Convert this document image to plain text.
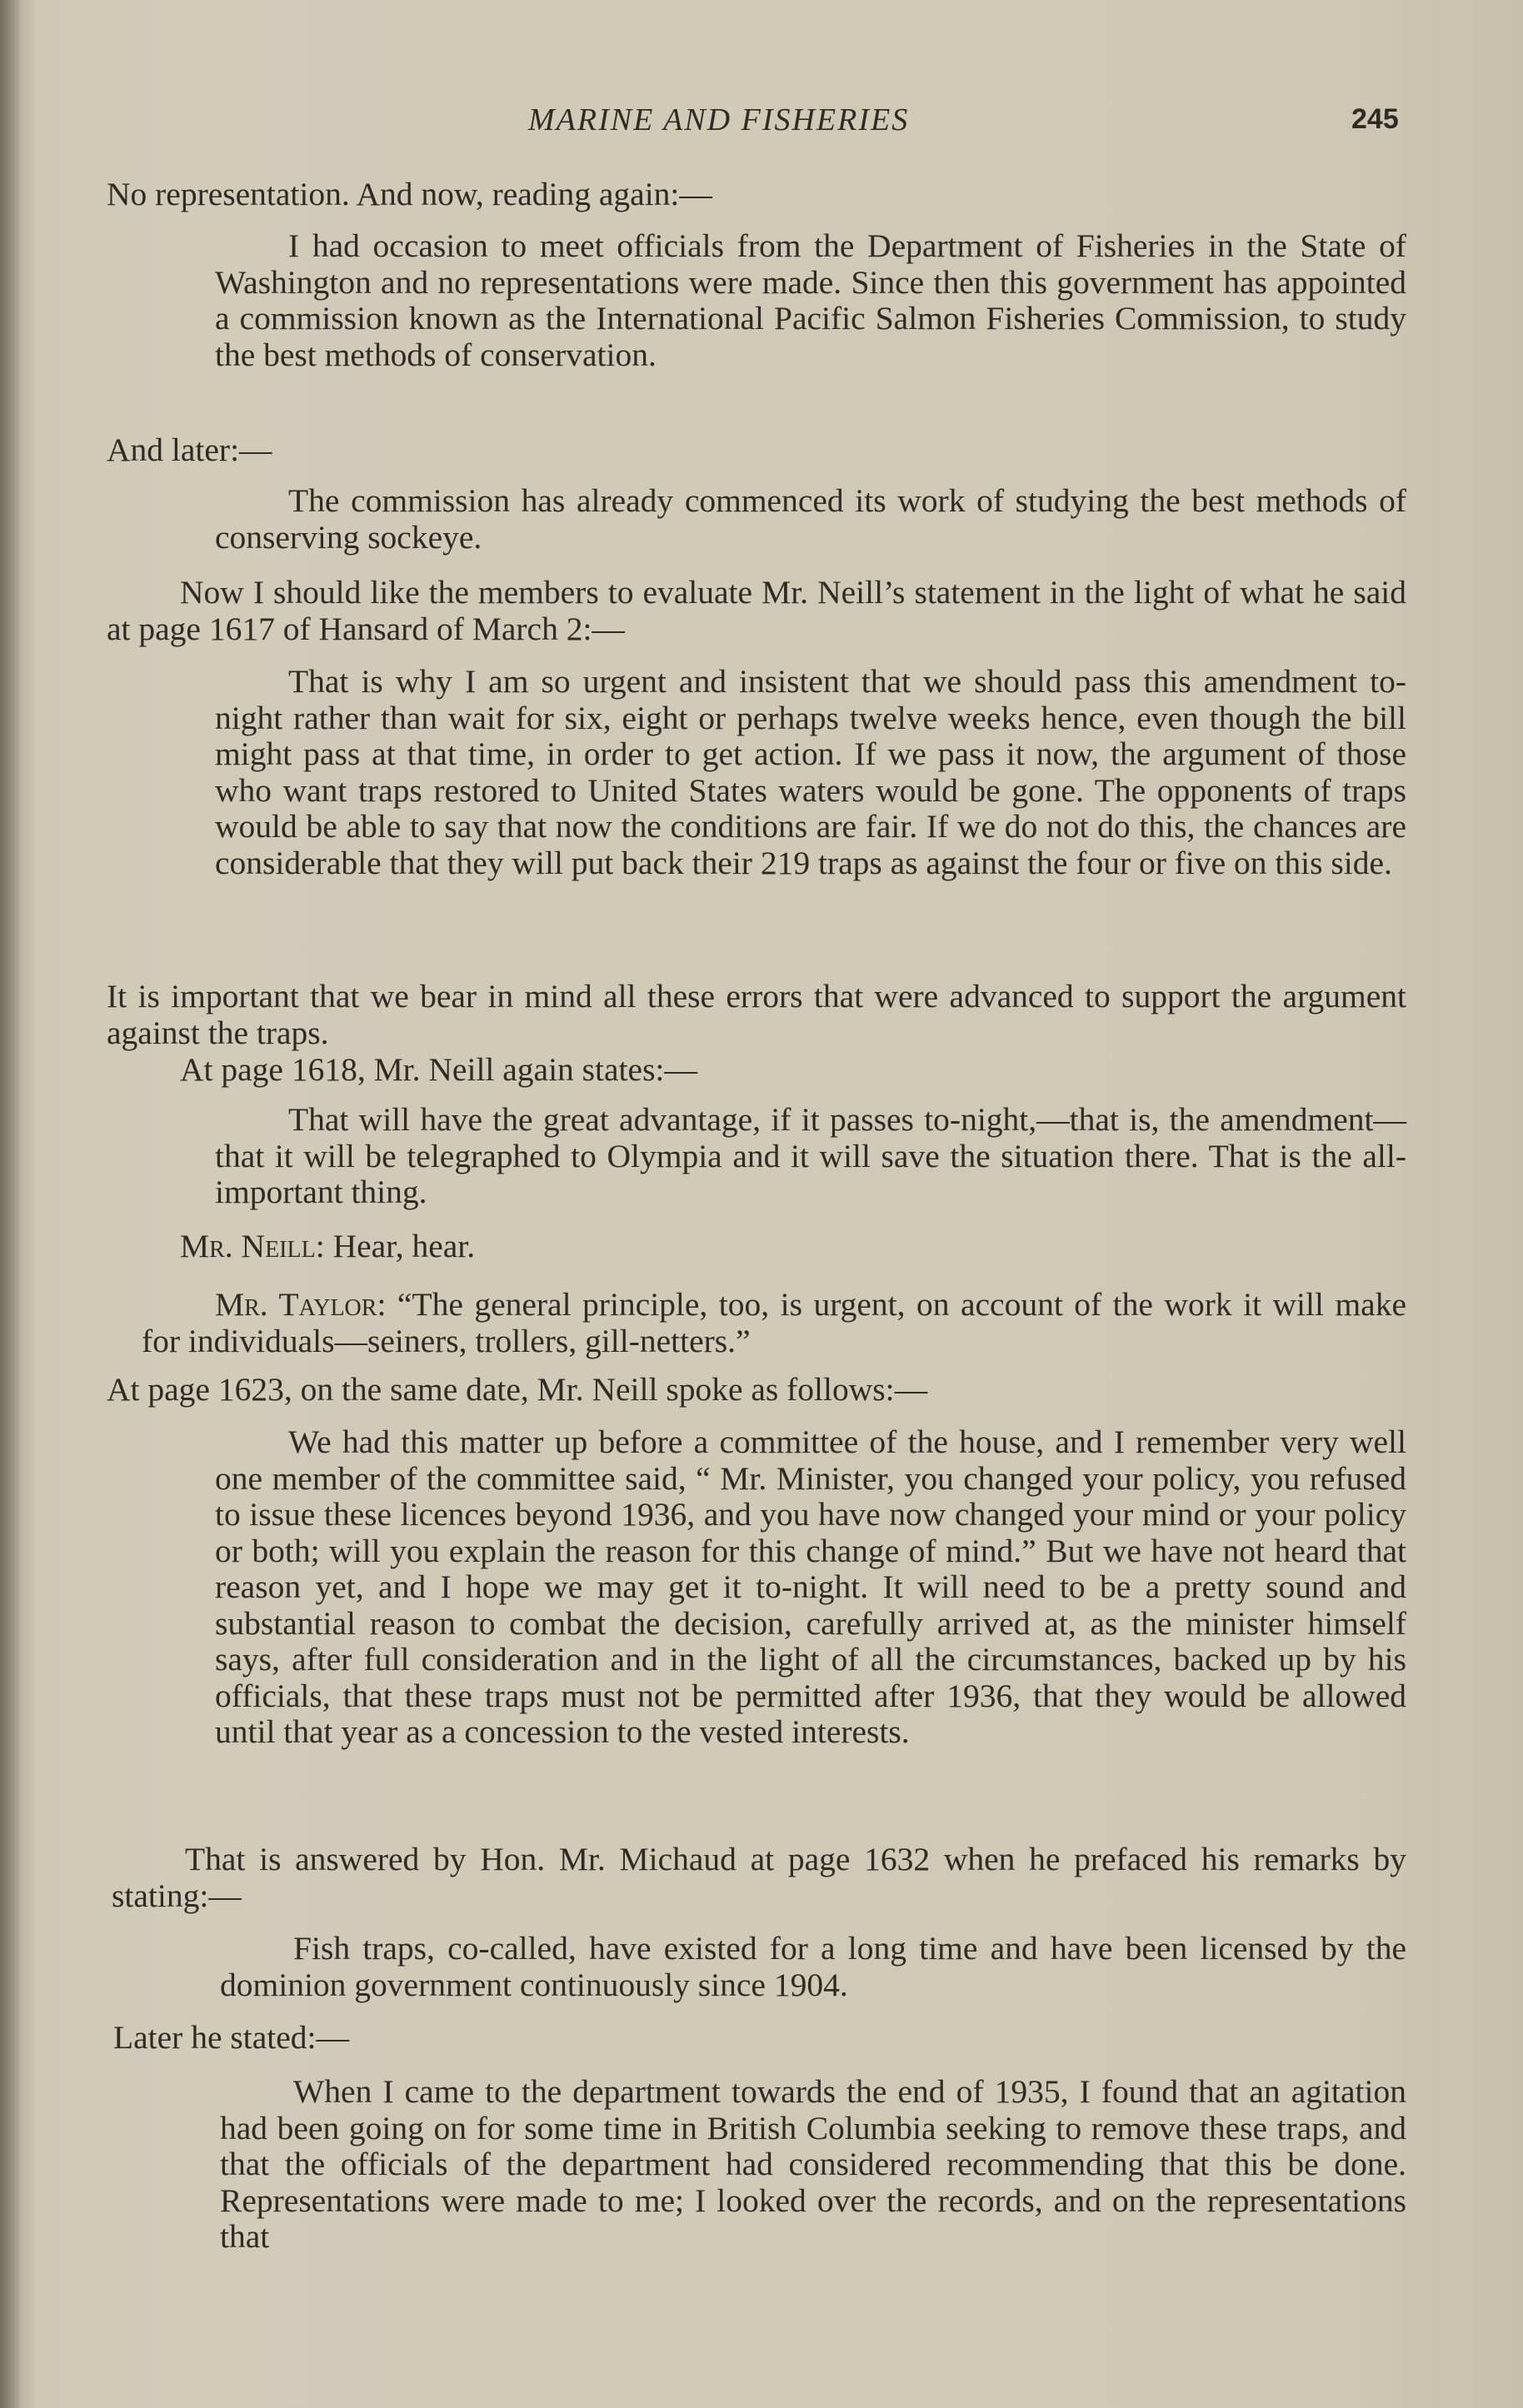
MARINE AND FISHERIES	245

No representation. And now, reading again:—

I had occasion to meet officials from the Department of Fisheries in the State of Washington and no representations were made. Since then this government has appointed a commission known as the International Pacific Salmon Fisheries Commission, to study the best methods of conservation.

And later:—

The commission has already commenced its work of studying the best methods of conserving sockeye.

Now I should like the members to evaluate Mr. Neill’s statement in the light of what he said at page 1617 of Hansard of March 2:—

That is why I am so urgent and insistent that we should pass this amendment to-night rather than wait for six, eight or perhaps twelve weeks hence, even though the bill might pass at that time, in order to get action. If we pass it now, the argument of those who want traps restored to United States waters would be gone. The opponents of traps would be able to say that now the conditions are fair. If we do not do this, the chances are considerable that they will put back their 219 traps as against the four or five on this side.

It is important that we bear in mind all these errors that were advanced to support the argument against the traps.

At page 1618, Mr. Neill again states:—

That will have the great advantage, if it passes to-night,—that is, the amendment—that it will be telegraphed to Olympia and it will save the situation there. That is the all-important thing.

Mr. Neill: Hear, hear.

Mr. Taylor: “The general principle, too, is urgent, on account of the work it will make for individuals—seiners, trollers, gill-netters.”

At page 1623, on the same date, Mr. Neill spoke as follows:—

We had this matter up before a committee of the house, and I remember very well one member of the committee said, “ Mr. Minister, you changed your policy, you refused to issue these licences beyond 1936, and you have now changed your mind or your policy or both; will you explain the reason for this change of mind.” But we have not heard that reason yet, and I hope we may get it to-night. It will need to be a pretty sound and substantial reason to combat the decision, carefully arrived at, as the minister himself says, after full consideration and in the light of all the circumstances, backed up by his officials, that these traps must not be permitted after 1936, that they would be allowed until that year as a concession to the vested interests.

That is answered by Hon. Mr. Michaud at page 1632 when he prefaced his remarks by stating:—

Fish traps, co-called, have existed for a long time and have been licensed by the dominion government continuously since 1904.

Later he stated:—

When I came to the department towards the end of 1935, I found that an agitation had been going on for some time in British Columbia seeking to remove these traps, and that the officials of the department had considered recommending that this be done. Representations were made to me; I looked over the records, and on the representations that
